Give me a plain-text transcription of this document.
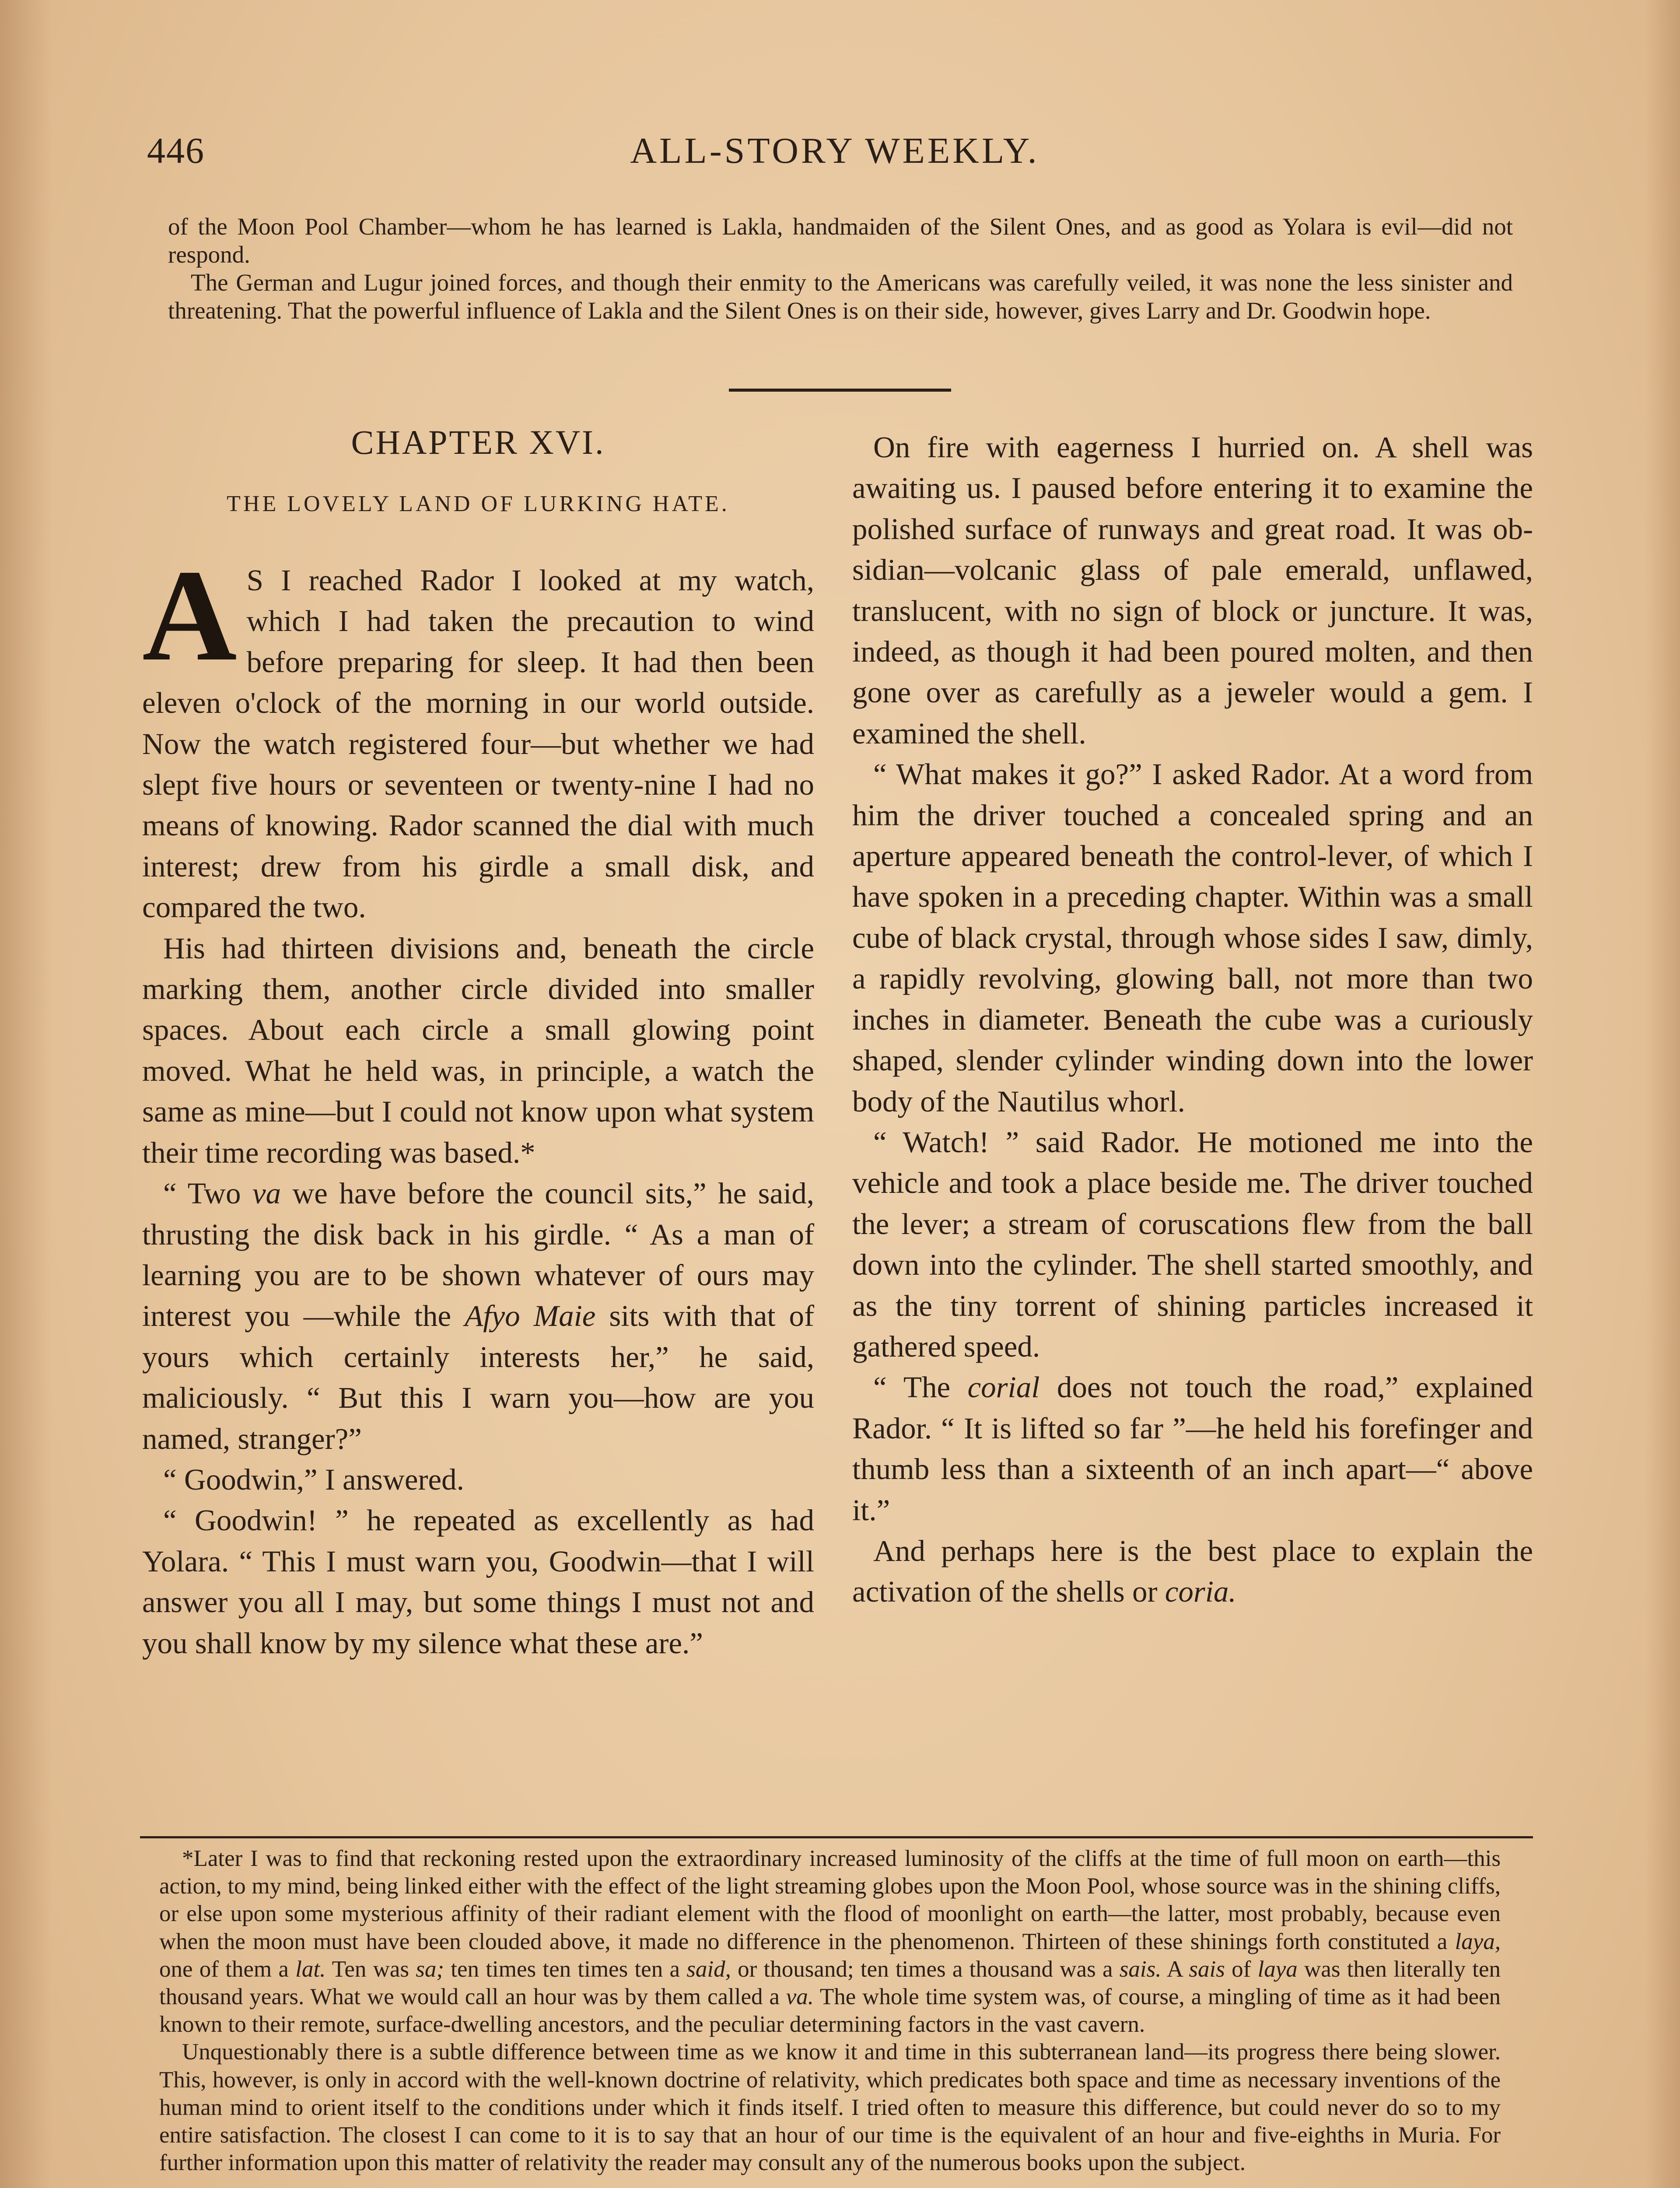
446	ALL-STORY WEEKLY.

of the Moon Pool Chamber—whom he has learned is Lakla, handmaiden of the Silent Ones, and as good as Yolara is evil—did not respond.

The German and Lugur joined forces, and though their enmity to the Americans was carefully veiled, it was none the less sinister and threatening. That the powerful influence of Lakla and the Silent Ones is on their side, however, gives Larry and Dr. Goodwin hope.

CHAPTER XVI.
THE LOVELY LAND OF LURKING HATE.

A S I reached Rador I looked at my watch, which I had taken the precaution to wind before preparing for sleep. It had then been eleven o'clock of the morning in our world outside. Now the watch registered four—but whether we had slept five hours or seventeen or twenty-nine I had no means of knowing. Rador scanned the dial with much interest; drew from his girdle a small disk, and compared the two.

His had thirteen divisions and, beneath the circle marking them, another circle divided into smaller spaces. About each circle a small glowing point moved. What he held was, in principle, a watch the same as mine—but I could not know upon what system their time recording was based.*

“ Two va we have before the council sits,” he said, thrusting the disk back in his girdle. “ As a man of learning you are to be shown whatever of ours may interest you —while the Afyo Maie sits with that of yours which certainly interests her,” he said, maliciously. “ But this I warn you—how are you named, stranger?”

“ Goodwin,” I answered.

“ Goodwin! ” he repeated as excellently as had Yolara. “ This I must warn you, Goodwin—that I will answer you all I may, but some things I must not and you shall know by my silence what these are.”

On fire with eagerness I hurried on. A shell was awaiting us. I paused before entering it to examine the polished surface of runways and great road. It was obsidian—volcanic glass of pale emerald, unflawed, translucent, with no sign of block or juncture. It was, indeed, as though it had been poured molten, and then gone over as carefully as a jeweler would a gem. I examined the shell.

“ What makes it go?” I asked Rador. At a word from him the driver touched a concealed spring and an aperture appeared beneath the control-lever, of which I have spoken in a preceding chapter. Within was a small cube of black crystal, through whose sides I saw, dimly, a rapidly revolving, glowing ball, not more than two inches in diameter. Beneath the cube was a curiously shaped, slender cylinder winding down into the lower body of the Nautilus whorl.

“ Watch! ” said Rador. He motioned me into the vehicle and took a place beside me. The driver touched the lever; a stream of coruscations flew from the ball down into the cylinder. The shell started smoothly, and as the tiny torrent of shining particles increased it gathered speed.

“ The corial does not touch the road,” explained Rador. “ It is lifted so far ”—he held his forefinger and thumb less than a sixteenth of an inch apart—“ above it.”

And perhaps here is the best place to explain the activation of the shells or coria.

*Later I was to find that reckoning rested upon the extraordinary increased luminosity of the cliffs at the time of full moon on earth—this action, to my mind, being linked either with the effect of the light streaming globes upon the Moon Pool, whose source was in the shining cliffs, or else upon some mysterious affinity of their radiant element with the flood of moonlight on earth—the latter, most probably, because even when the moon must have been clouded above, it made no difference in the phenomenon. Thirteen of these shinings forth constituted a laya, one of them a lat. Ten was sa; ten times ten times ten a said, or thousand; ten times a thousand was a sais. A sais of laya was then literally ten thousand years. What we would call an hour was by them called a va. The whole time system was, of course, a mingling of time as it had been known to their remote, surface-dwelling ancestors, and the peculiar determining factors in the vast cavern.

Unquestionably there is a subtle difference between time as we know it and time in this subterranean land—its progress there being slower. This, however, is only in accord with the well-known doctrine of relativity, which predicates both space and time as necessary inventions of the human mind to orient itself to the conditions under which it finds itself. I tried often to measure this difference, but could never do so to my entire satisfaction. The closest I can come to it is to say that an hour of our time is the equivalent of an hour and five-eighths in Muria. For further information upon this matter of relativity the reader may consult any of the numerous books upon the subject.
